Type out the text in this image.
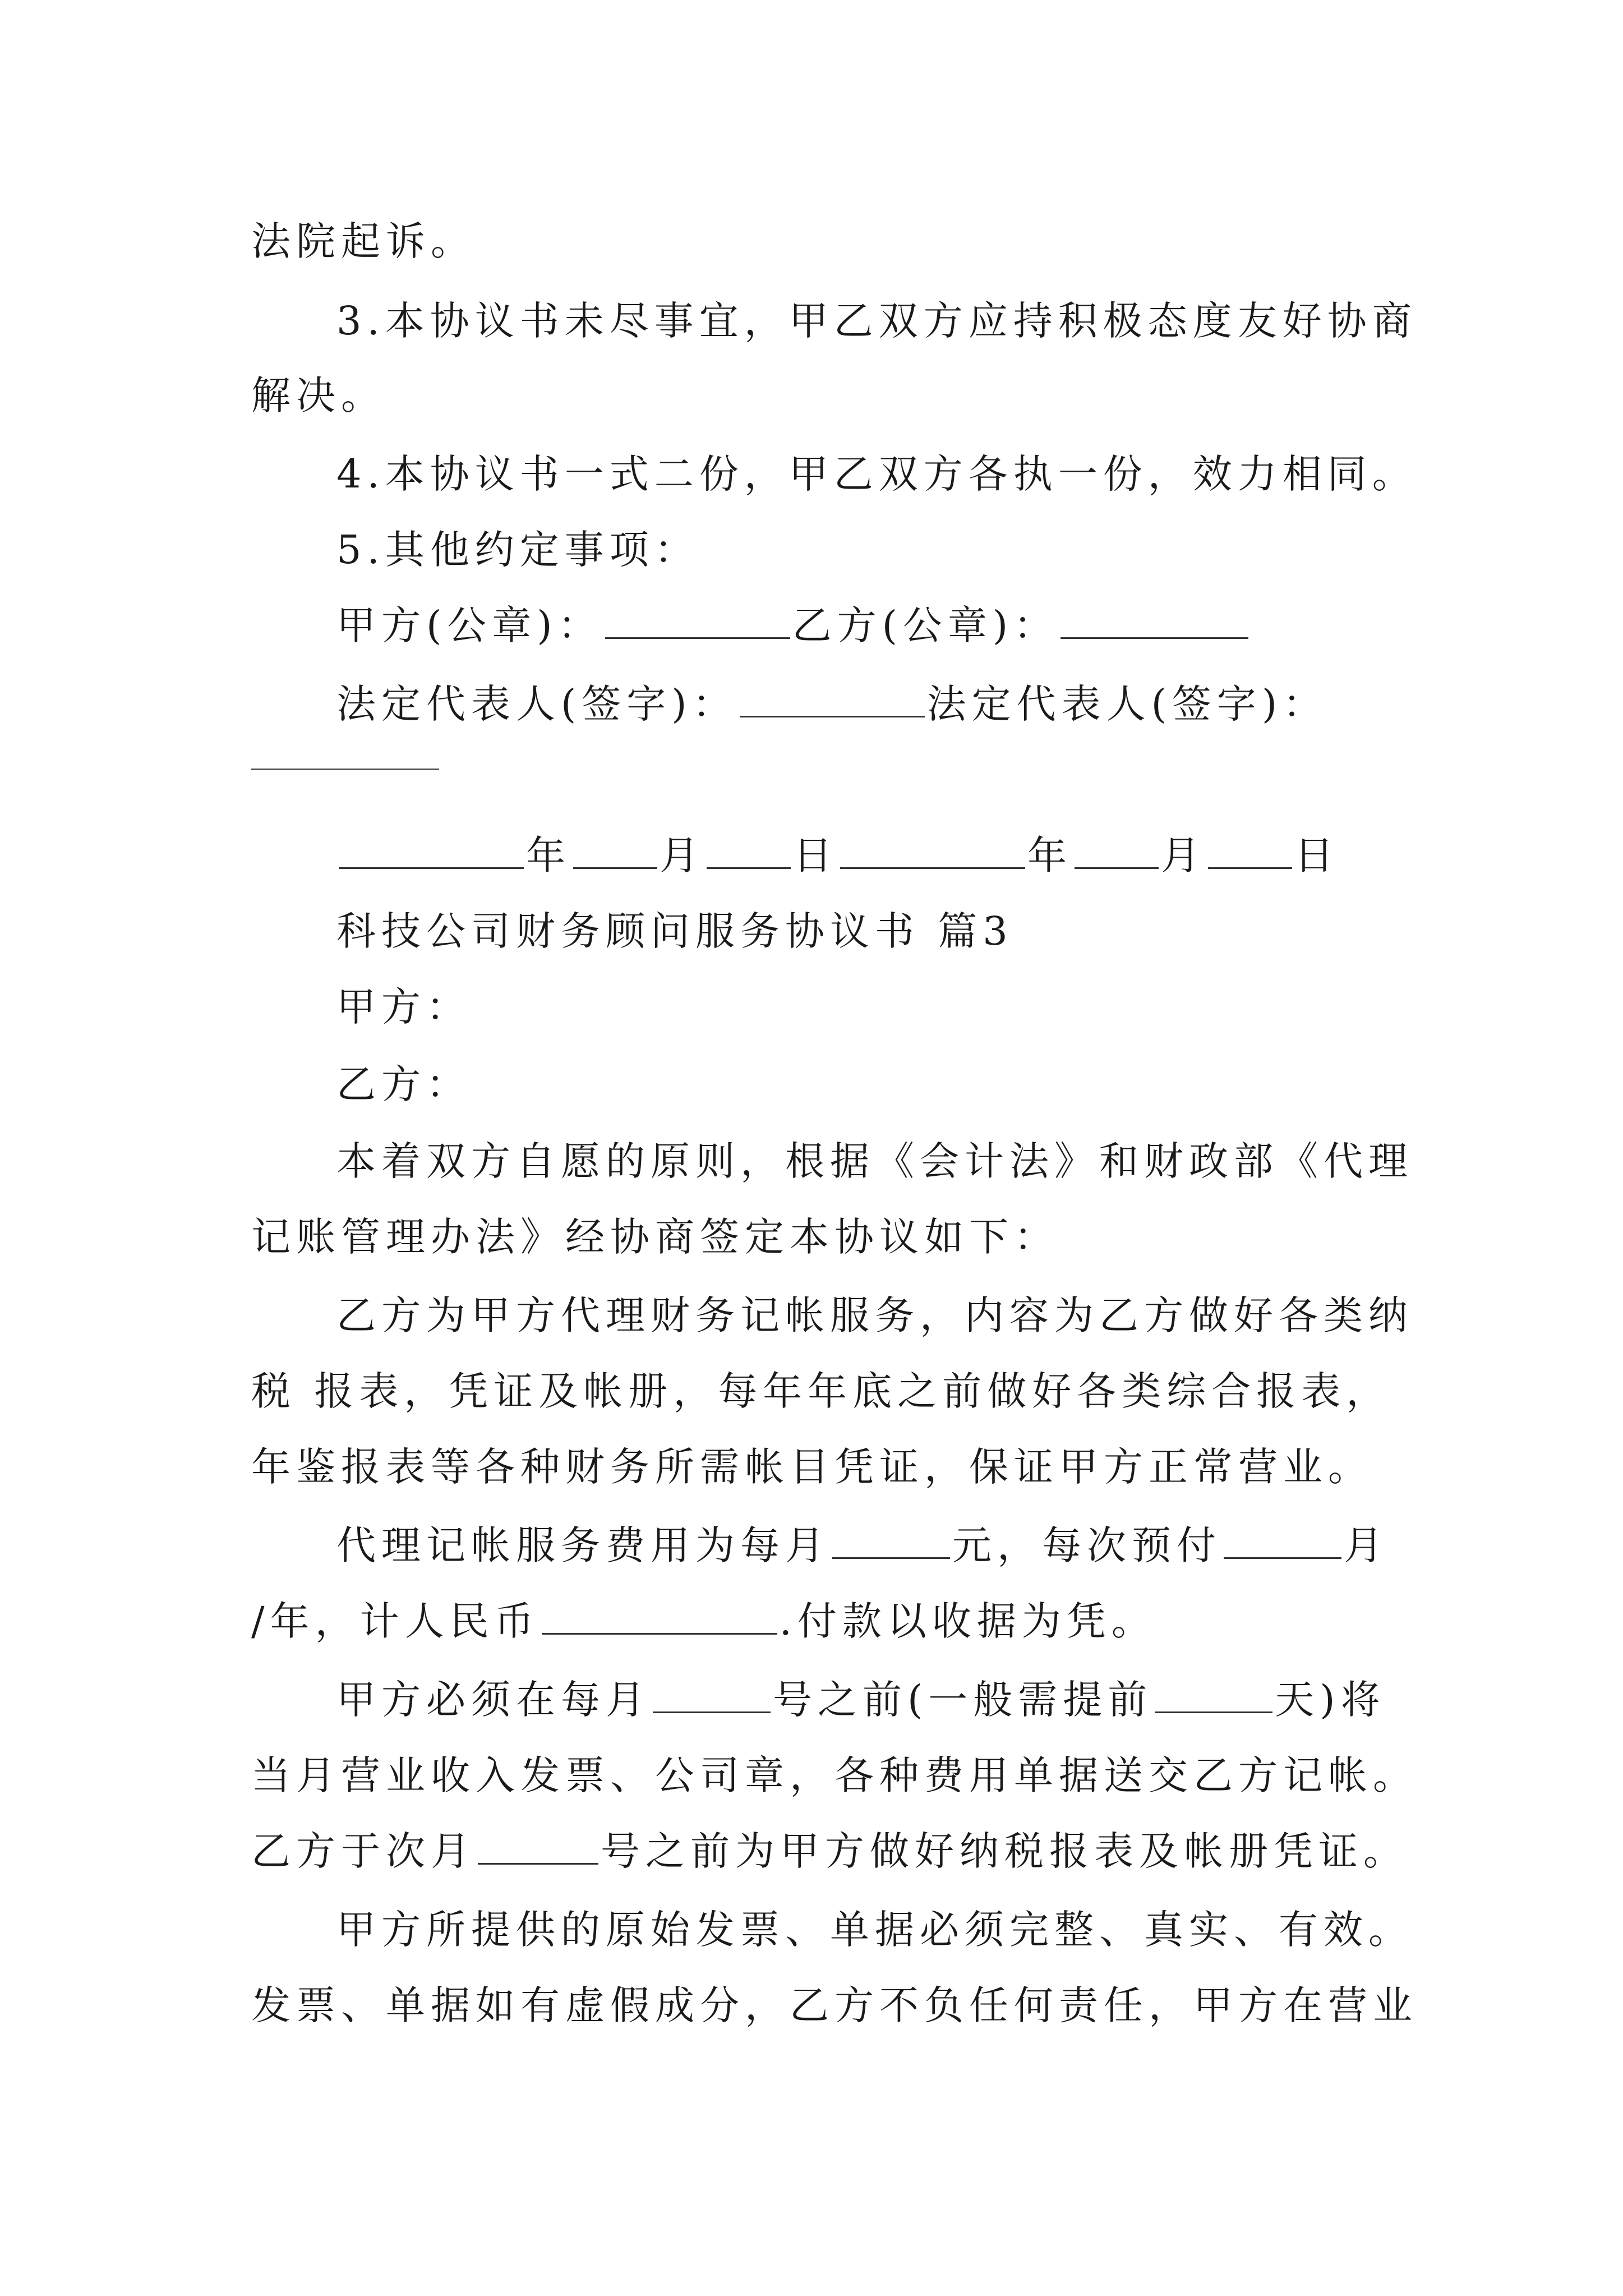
法院起诉。
3.本协议书未尽事宜，甲乙双方应持积极态度友好协商
解决。
4.本协议书一式二份，甲乙双方各执一份，效力相同。
5.其他约定事项：
甲方(公章)：	乙方(公章)：
法定代表人(签字)：	法定代表人(签字)：
年 月 日	年 月 日
科技公司财务顾问服务协议书 篇3
甲方：
乙方：
本着双方自愿的原则，根据《会计法》和财政部《代理
记账管理办法》经协商签定本协议如下：
乙方为甲方代理财务记帐服务，内容为乙方做好各类纳
税 报表，凭证及帐册，每年年底之前做好各类综合报表，
年鉴报表等各种财务所需帐目凭证，保证甲方正常营业。
代理记帐服务费用为每月	元，每次预付	月
/年，计人民币	.付款以收据为凭。
甲方必须在每月	号之前(一般需提前	天)将
当月营业收入发票、公司章，各种费用单据送交乙方记帐。
乙方于次月	号之前为甲方做好纳税报表及帐册凭证。
甲方所提供的原始发票、单据必须完整、真实、有效。
发票、单据如有虚假成分，乙方不负任何责任，甲方在营业
